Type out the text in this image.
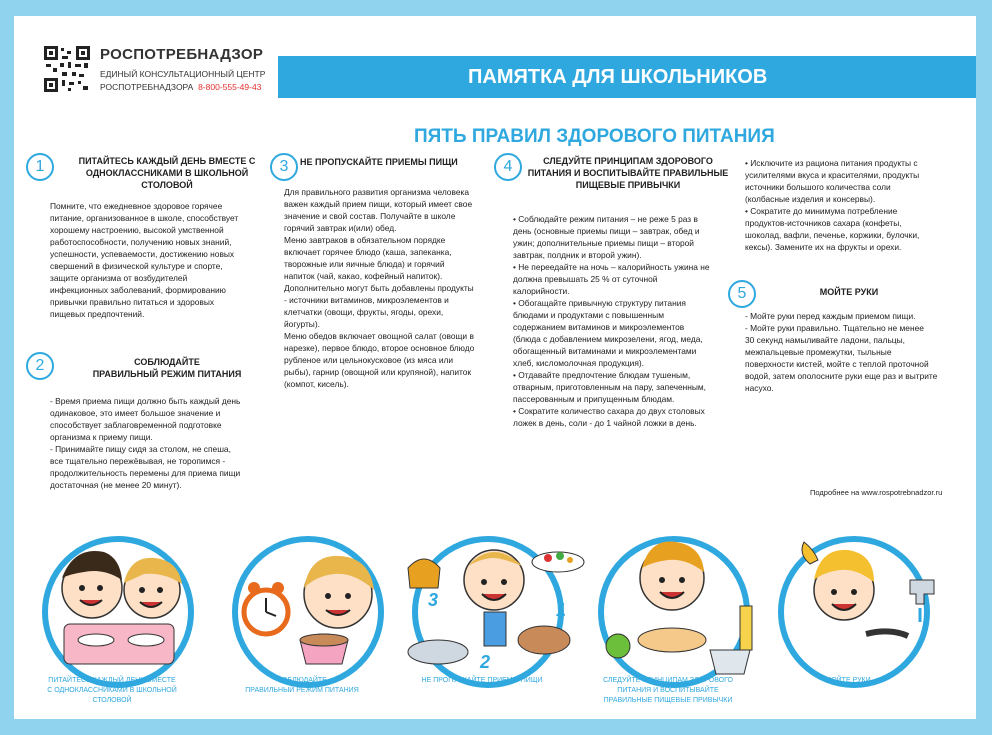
РОСПОТРЕБНАДЗОР
ЕДИНЫЙ КОНСУЛЬТАЦИОННЫЙ ЦЕНТР
РОСПОТРЕБНАДЗОРА 8-800-555-49-43	ПАМЯТКА ДЛЯ ШКОЛЬНИКОВ
ПЯТЬ ПРАВИЛ ЗДОРОВОГО ПИТАНИЯ
1	ПИТАЙТЕСЬ КАЖДЫЙ ДЕНЬ ВМЕСТЕ С
ОДНОКЛАССНИКАМИ В ШКОЛЬНОЙ СТОЛОВОЙ
Помните, что ежедневное здоровое горячее
питание, организованное в школе, способствует
хорошему настроению, высокой умственной
работоспособности, получению новых знаний,
успешности, успеваемости, достижению новых
свершений в физической культуре и спорте,
защите организма от возбудителей
инфекционных заболеваний, формированию
привычки правильно питаться и здоровых
пищевых предпочтений.
2	СОБЛЮДАЙТЕ
ПРАВИЛЬНЫЙ РЕЖИМ ПИТАНИЯ
- Время приема пищи должно быть каждый день
одинаковое, это имеет большое значение и
способствует заблаговременной подготовке
организма к приему пищи.
- Принимайте пищу сидя за столом, не спеша,
все тщательно пережёвывая, не торопимся -
продолжительность перемены для приема пищи
достаточная (не менее 20 минут).
3	НЕ ПРОПУСКАЙТЕ ПРИЕМЫ ПИЩИ
Для правильного развития организма человека
важен каждый прием пищи, который имеет свое
значение и свой состав. Получайте в школе
горячий завтрак и(или) обед.
Меню завтраков в обязательном порядке
включает горячее блюдо (каша, запеканка,
творожные или яичные блюда) и горячий
напиток (чай, какао, кофейный напиток).
Дополнительно могут быть добавлены продукты
- источники витаминов, микроэлементов и
клетчатки (овощи, фрукты, ягоды, орехи,
йогурты).
Меню обедов включает овощной салат (овощи в
нарезке), первое блюдо, второе основное блюдо
рубленое или цельнокусковое (из мяса или
рыбы), гарнир (овощной или крупяной), напиток
(компот, кисель).
4	СЛЕДУЙТЕ ПРИНЦИПАМ ЗДОРОВОГО
ПИТАНИЯ И ВОСПИТЫВАЙТЕ ПРАВИЛЬНЫЕ
ПИЩЕВЫЕ ПРИВЫЧКИ
• Соблюдайте режим питания – не реже 5 раз в
день (основные приемы пищи – завтрак, обед и
ужин; дополнительные приемы пищи – второй
завтрак, полдник и второй ужин).
• Не переедайте на ночь – калорийность ужина не
должна превышать 25 % от суточной
калорийности.
• Обогащайте привычную структуру питания
блюдами и продуктами с повышенным
содержанием витаминов и микроэлементов
(блюда с добавлением микрозелени, ягод, меда,
обогащенный витаминами и микроэлементами
хлеб, кисломолочная продукция).
• Отдавайте предпочтение блюдам тушеным,
отварным, приготовленным на пару, запеченным,
пассерованным и припущенным блюдам.
• Сократите количество сахара до двух столовых
ложек в день, соли - до 1 чайной ложки в день.
• Исключите из рациона питания продукты с
усилителями вкуса и красителями, продукты
источники большого количества соли
(колбасные изделия и консервы).
• Сократите до минимума потребление
продуктов-источников сахара (конфеты,
шоколад, вафли, печенье, коржики, булочки,
кексы). Замените их на фрукты и орехи.
5	МОЙТЕ РУКИ
- Мойте руки перед каждым приемом пищи.
- Мойте руки правильно. Тщательно не менее
30 секунд намыливайте ладони, пальцы,
межпальцевые промежутки, тыльные
поверхности кистей, мойте с теплой проточной
водой, затем ополосните руки еще раз и вытрите
насухо.
Подробнее на www.rospotrebnadzor.ru
3
2
1
ПИТАЙТЕСЬ КАЖДЫЙ ДЕНЬ ВМЕСТЕ
С ОДНОКЛАССНИКАМИ В ШКОЛЬНОЙ
СТОЛОВОЙ
СОБЛЮДАЙТЕ
ПРАВИЛЬНЫЙ РЕЖИМ ПИТАНИЯ
НЕ ПРОПУСКАЙТЕ ПРИЕМЫ ПИЩИ	СЛЕДУЙТЕ ПРИНЦИПАМ ЗДОРОВОГО
ПИТАНИЯ И ВОСПИТЫВАЙТЕ
ПРАВИЛЬНЫЕ ПИЩЕВЫЕ ПРИВЫЧКИ
МОЙТЕ РУКИ
